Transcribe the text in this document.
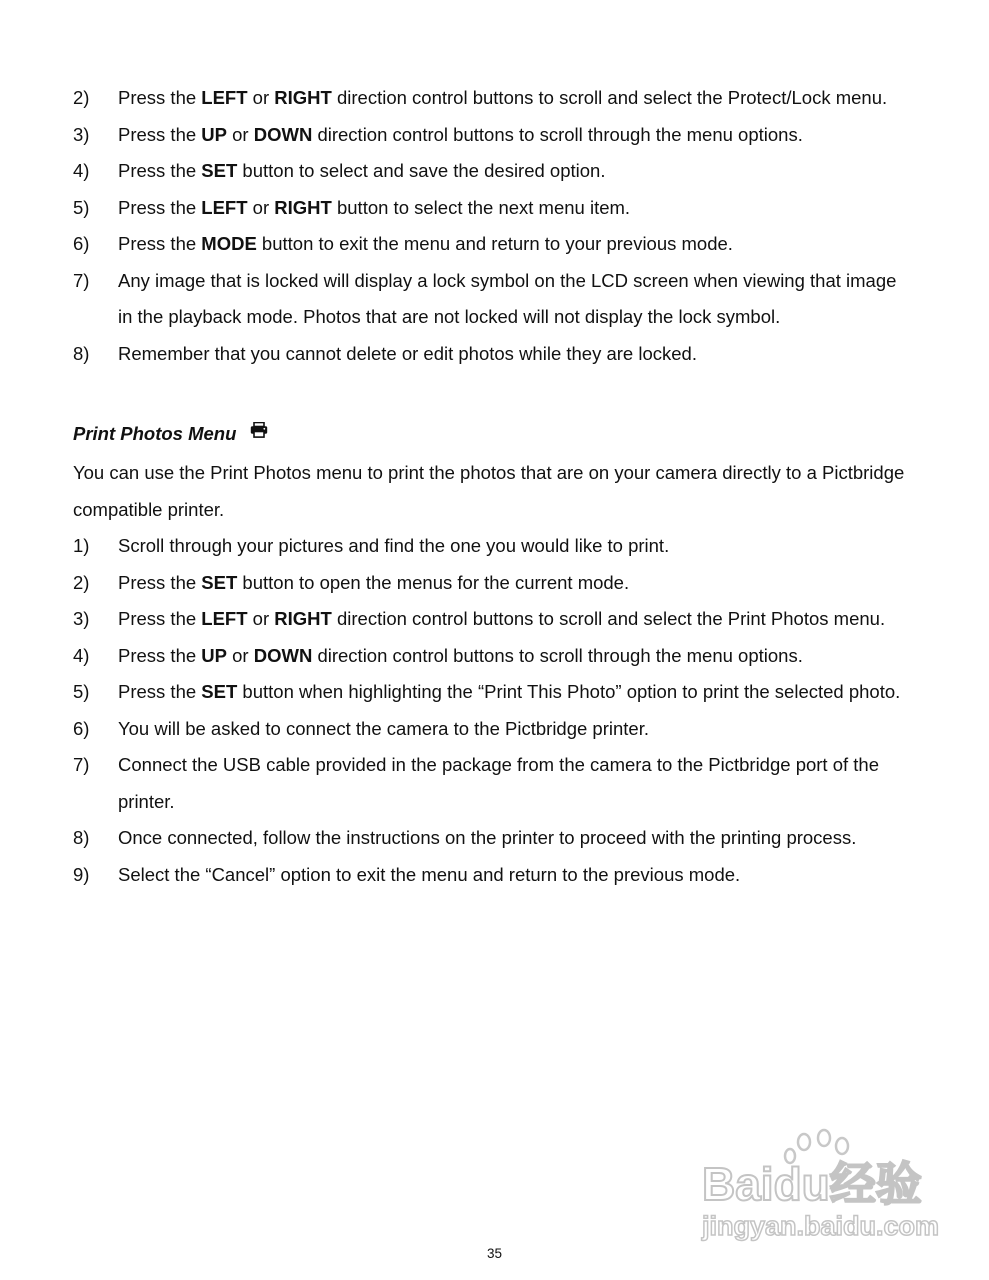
2)	Press the LEFT or RIGHT direction control buttons to scroll and select the Protect/Lock menu.
3)	Press the UP or DOWN direction control buttons to scroll through the menu options.
4)	Press the SET button to select and save the desired option.
5)	Press the LEFT or RIGHT button to select the next menu item.
6)	Press the MODE button to exit the menu and return to your previous mode.
7)	Any image that is locked will display a lock symbol on the LCD screen when viewing that image in the playback mode. Photos that are not locked will not display the lock symbol.
8)	Remember that you cannot delete or edit photos while they are locked.
Print Photos Menu
You can use the Print Photos menu to print the photos that are on your camera directly to a Pictbridge compatible printer.
1)	Scroll through your pictures and find the one you would like to print.
2)	Press the SET button to open the menus for the current mode.
3)	Press the LEFT or RIGHT direction control buttons to scroll and select the Print Photos menu.
4)	Press the UP or DOWN direction control buttons to scroll through the menu options.
5)	Press the SET button when highlighting the “Print This Photo” option to print the selected photo.
6)	You will be asked to connect the camera to the Pictbridge printer.
7)	Connect the USB cable provided in the package from the camera to the Pictbridge port of the printer.
8)	Once connected, follow the instructions on the printer to proceed with the printing process.
9)	Select the “Cancel” option to exit the menu and return to the previous mode.
Baidu经验
jingyan.baidu.com
35
